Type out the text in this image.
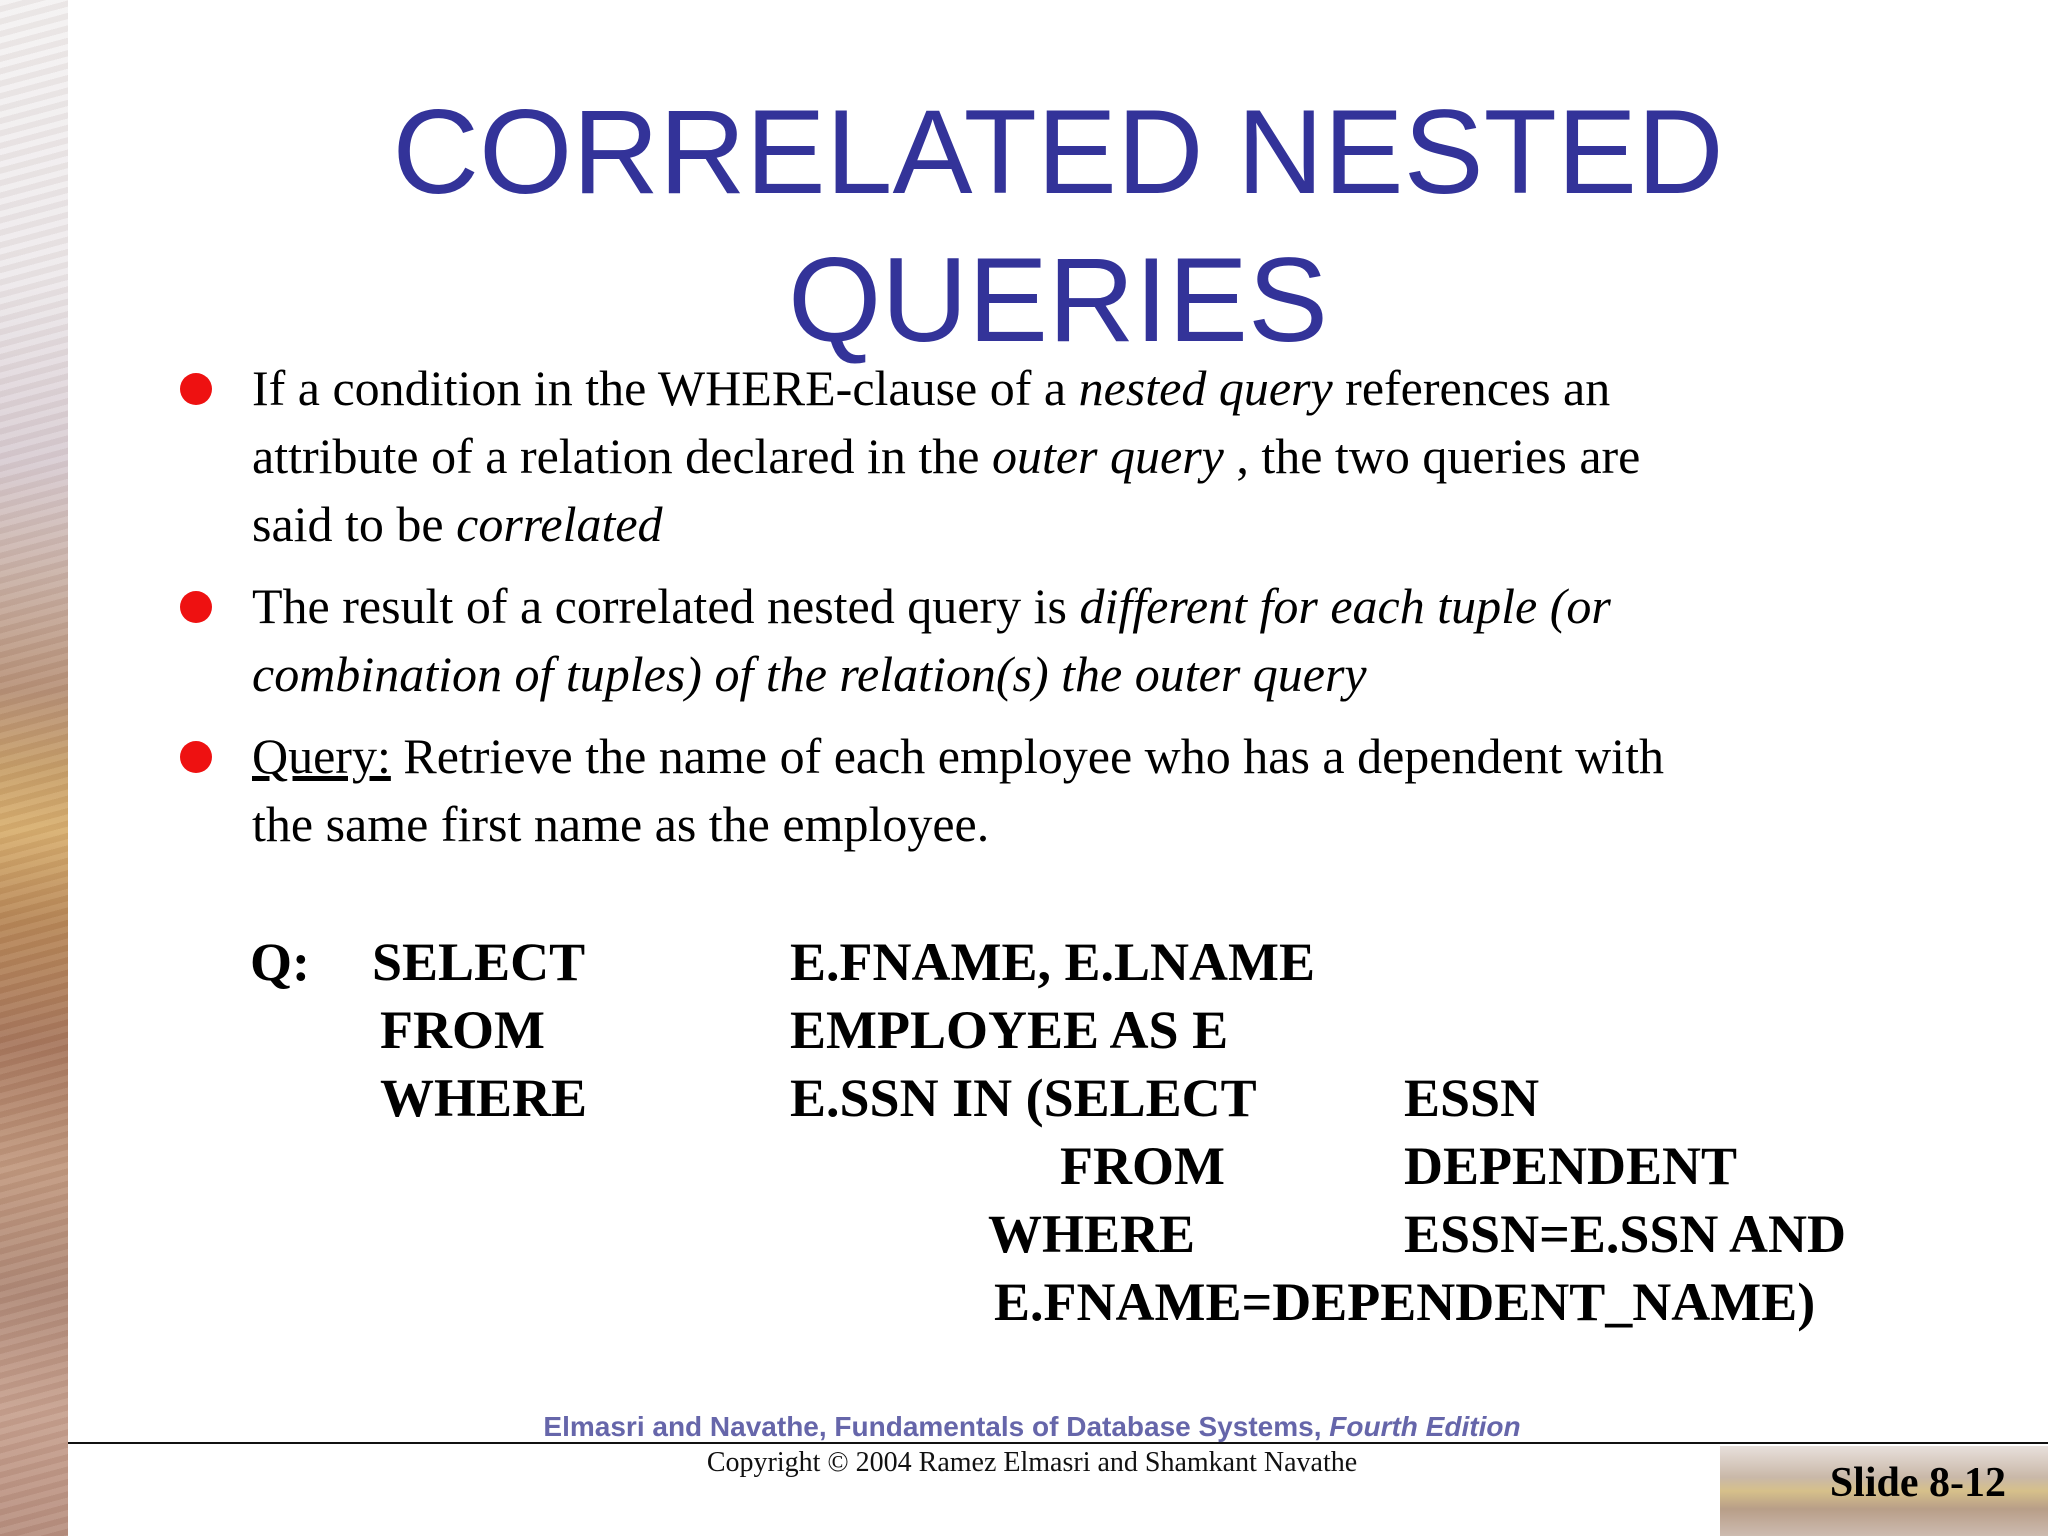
CORRELATED NESTED
QUERIES
If a condition in the WHERE-clause of a nested query references an
attribute of a relation declared in the outer query , the two queries are
said to be correlated
The result of a correlated nested query is different for each tuple (or
combination of tuples) of the relation(s) the outer query
Query: Retrieve the name of each employee who has a dependent with
the same first name as the employee.
Q: SELECT	E.FNAME, E.LNAME
FROM	EMPLOYEE AS E
WHERE	E.SSN IN (SELECT	ESSN
FROM	DEPENDENT
WHERE	ESSN=E.SSN AND
E.FNAME=DEPENDENT_NAME)
Elmasri and Navathe, Fundamentals of Database Systems, Fourth Edition
Copyright © 2004 Ramez Elmasri and Shamkant Navathe	Slide 8-12
